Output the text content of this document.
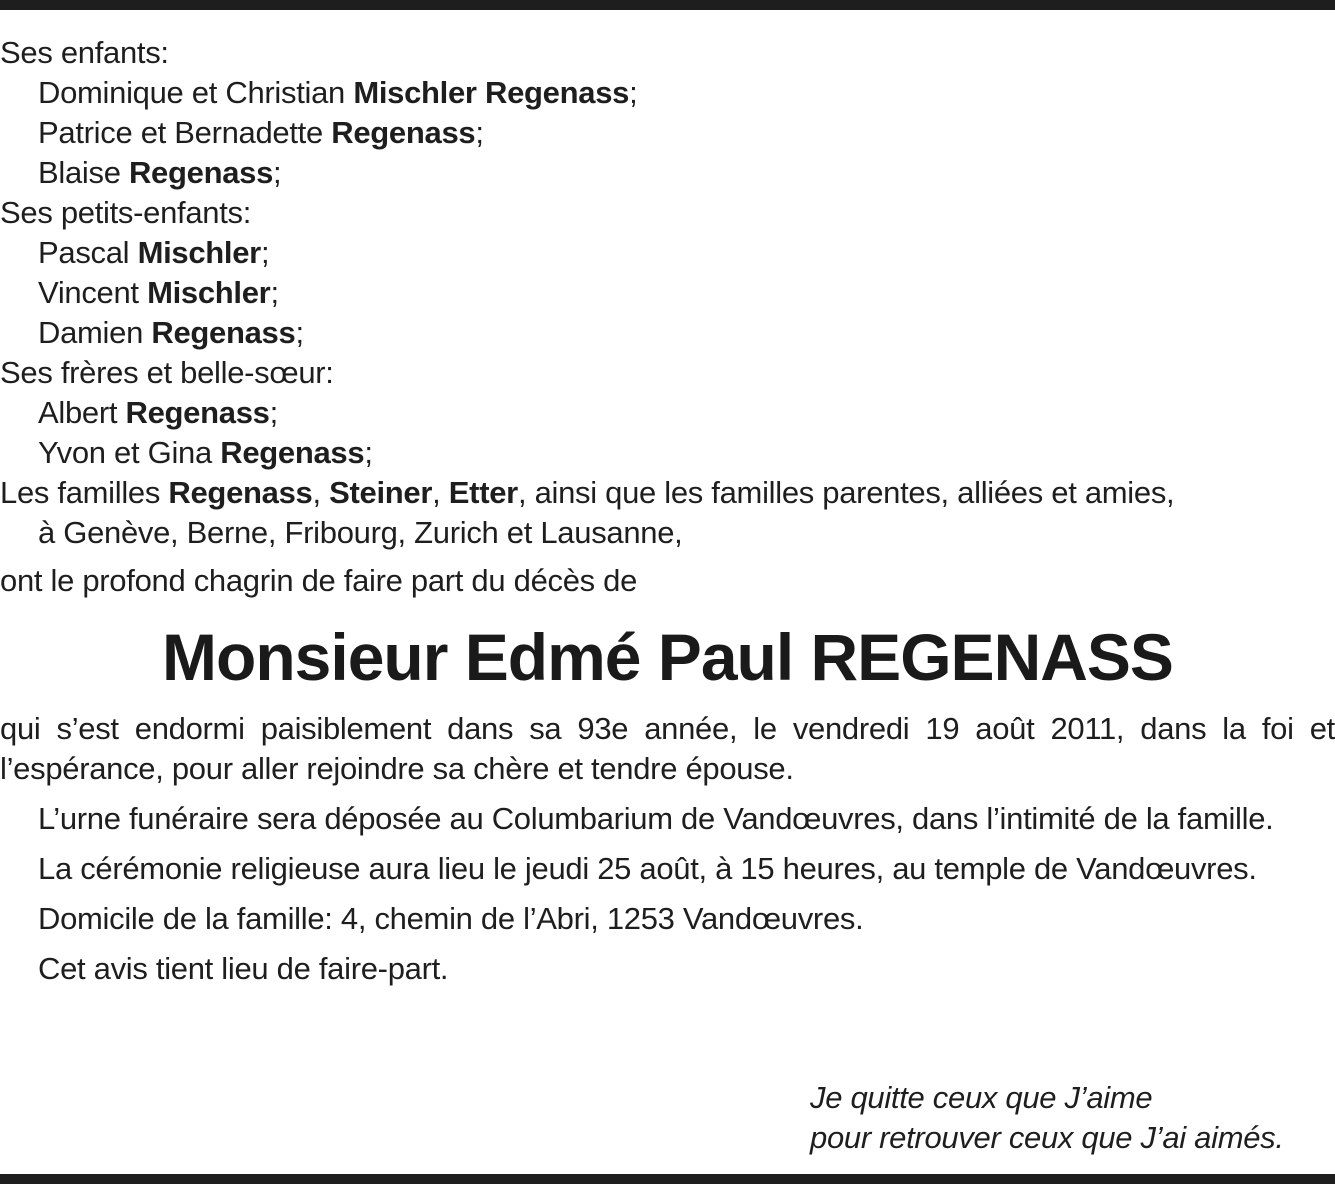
Ses enfants:
Dominique et Christian Mischler Regenass;
Patrice et Bernadette Regenass;
Blaise Regenass;
Ses petits-enfants:
Pascal Mischler;
Vincent Mischler;
Damien Regenass;
Ses frères et belle-sœur:
Albert Regenass;
Yvon et Gina Regenass;
Les familles Regenass, Steiner, Etter, ainsi que les familles parentes, alliées et amies,
à Genève, Berne, Fribourg, Zurich et Lausanne,
ont le profond chagrin de faire part du décès de
Monsieur Edmé Paul REGENASS
qui s’est endormi paisiblement dans sa 93e année, le vendredi 19 août 2011, dans la foi et l’espérance, pour aller rejoindre sa chère et tendre épouse.
L’urne funéraire sera déposée au Columbarium de Vandœuvres, dans l’intimité de la famille.
La cérémonie religieuse aura lieu le jeudi 25 août, à 15 heures, au temple de Vandœuvres.
Domicile de la famille: 4, chemin de l’Abri, 1253 Vandœuvres.
Cet avis tient lieu de faire-part.
Je quitte ceux que J’aime
pour retrouver ceux que J’ai aimés.
